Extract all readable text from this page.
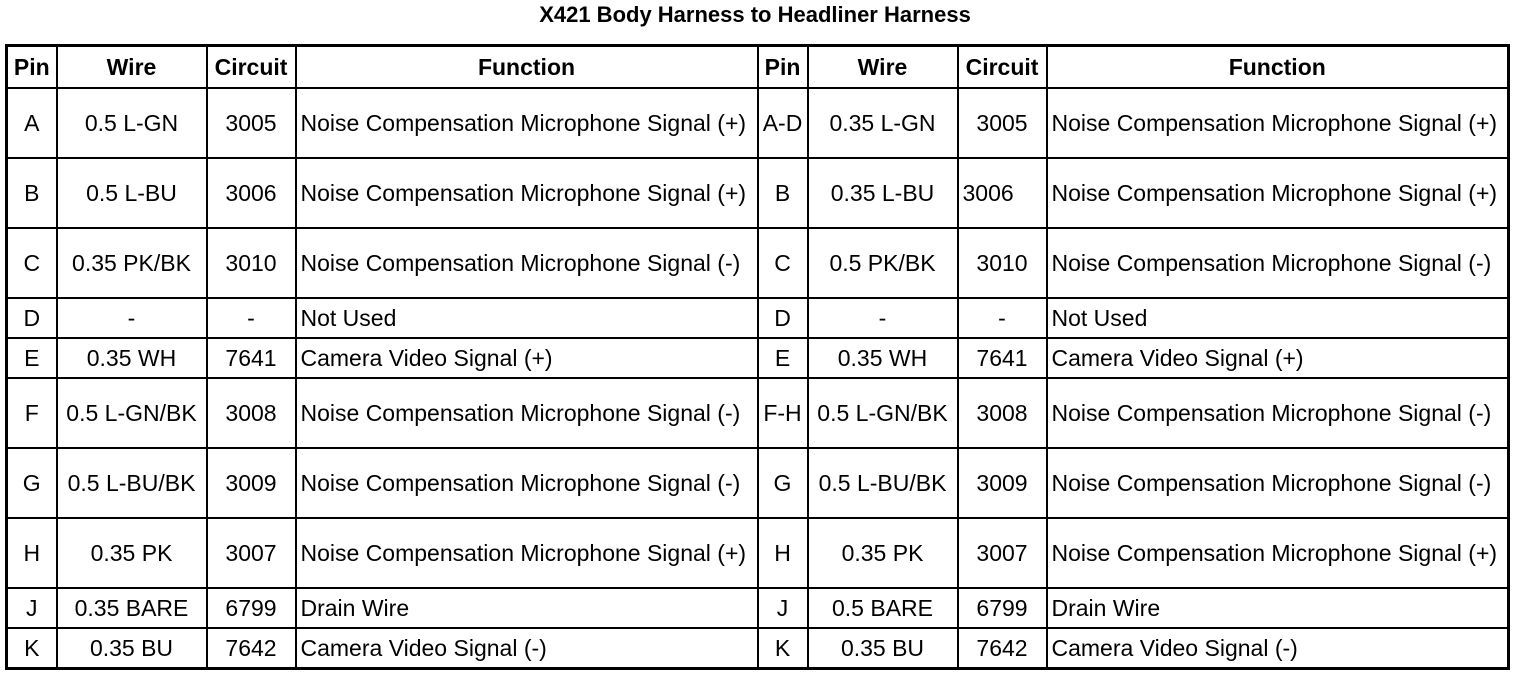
X421 Body Harness to Headliner Harness
Pin	Wire	Circuit	Function	Pin	Wire	Circuit	Function
A	0.5 L-GN	3005	Noise Compensation Microphone Signal (+)	A-D	0.35 L-GN	3005	Noise Compensation Microphone Signal (+)
B	0.5 L-BU	3006	Noise Compensation Microphone Signal (+)	B	0.35 L-BU	3006	Noise Compensation Microphone Signal (+)
C	0.35 PK/BK	3010	Noise Compensation Microphone Signal (-)	C	0.5 PK/BK	3010	Noise Compensation Microphone Signal (-)
D	-	-	Not Used	D	-	-	Not Used
E	0.35 WH	7641	Camera Video Signal (+)	E	0.35 WH	7641	Camera Video Signal (+)
F	0.5 L-GN/BK	3008	Noise Compensation Microphone Signal (-)	F-H	0.5 L-GN/BK	3008	Noise Compensation Microphone Signal (-)
G	0.5 L-BU/BK	3009	Noise Compensation Microphone Signal (-)	G	0.5 L-BU/BK	3009	Noise Compensation Microphone Signal (-)
H	0.35 PK	3007	Noise Compensation Microphone Signal (+)	H	0.35 PK	3007	Noise Compensation Microphone Signal (+)
J	0.35 BARE	6799	Drain Wire	J	0.5 BARE	6799	Drain Wire
K	0.35 BU	7642	Camera Video Signal (-)	K	0.35 BU	7642	Camera Video Signal (-)
